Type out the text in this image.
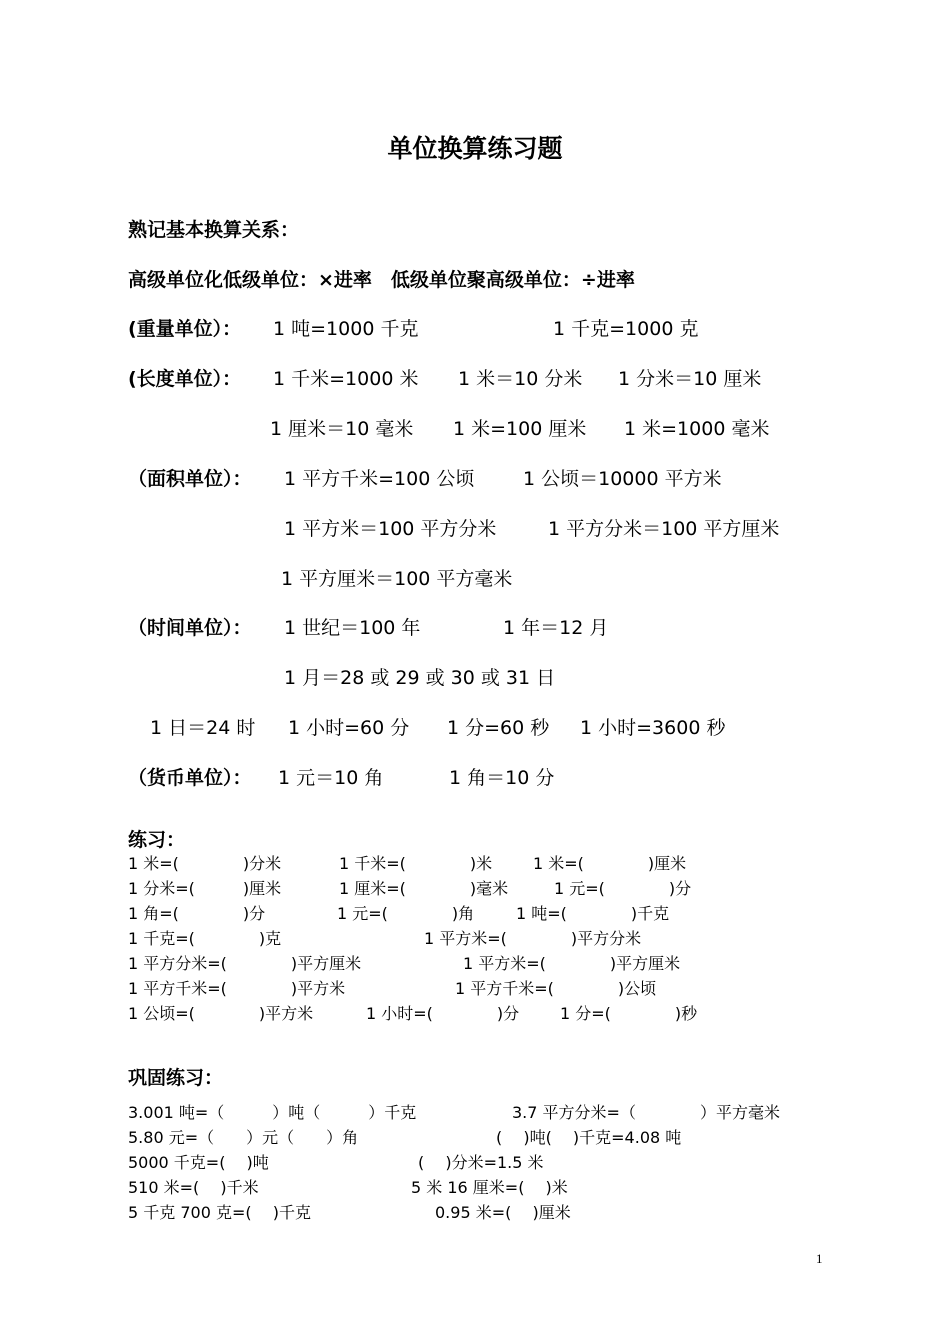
单位换算练习题
熟记基本换算关系：
高级单位化低级单位：×进率　低级单位聚高级单位：÷进率
(重量单位）： 1 吨=1000 千克	1 千克=1000 克
(长度单位）： 1 千米=1000 米 1 米＝10 分米 1 分米＝10 厘米
1 厘米＝10 毫米 1 米=100 厘米 1 米=1000 毫米
（面积单位）： 1 平方千米=100 公顷	1 公顷＝10000 平方米
1 平方米＝100 平方分米	1 平方分米＝100 平方厘米
1 平方厘米＝100 平方毫米
（时间单位）： 1 世纪＝100 年	1 年＝12 月
1 月＝28 或 29 或 30 或 31 日
1 日＝24 时 1 小时=60 分 1 分=60 秒 1 小时=3600 秒
（货币单位）： 1 元＝10 角	1 角＝10 分
练习：
1 米=(　　　　)分米	1 千米=(　　　　)米	1 米=(　　　　)厘米
1 分米=(　　　)厘米	1 厘米=(　　　　)毫米	1 元=(　　　　)分
1 角=(　　　　)分	1 元=(　　　　)角	1 吨=(　　　　)千克
1 千克=(　　　　)克	1 平方米=(　　　　)平方分米
1 平方分米=(　　　　)平方厘米	1 平方米=(　　　　)平方厘米
1 平方千米=(　　　　)平方米	1 平方千米=(　　　　)公顷
1 公顷=(　　　　)平方米	1 小时=(　　　　)分	1 分=(　　　　)秒
巩固练习：
3.001 吨=（　　　）吨（　　　）千克	3.7 平方分米=（　　　　）平方毫米
5.80 元=（　　）元（　　）角	(　 )吨(　 )千克=4.08 吨
5000 千克=(　 )吨	(　 )分米=1.5 米
510 米=(　 )千米	5 米 16 厘米=(　 )米
5 千克 700 克=(　 )千克	0.95 米=(　 )厘米
1
